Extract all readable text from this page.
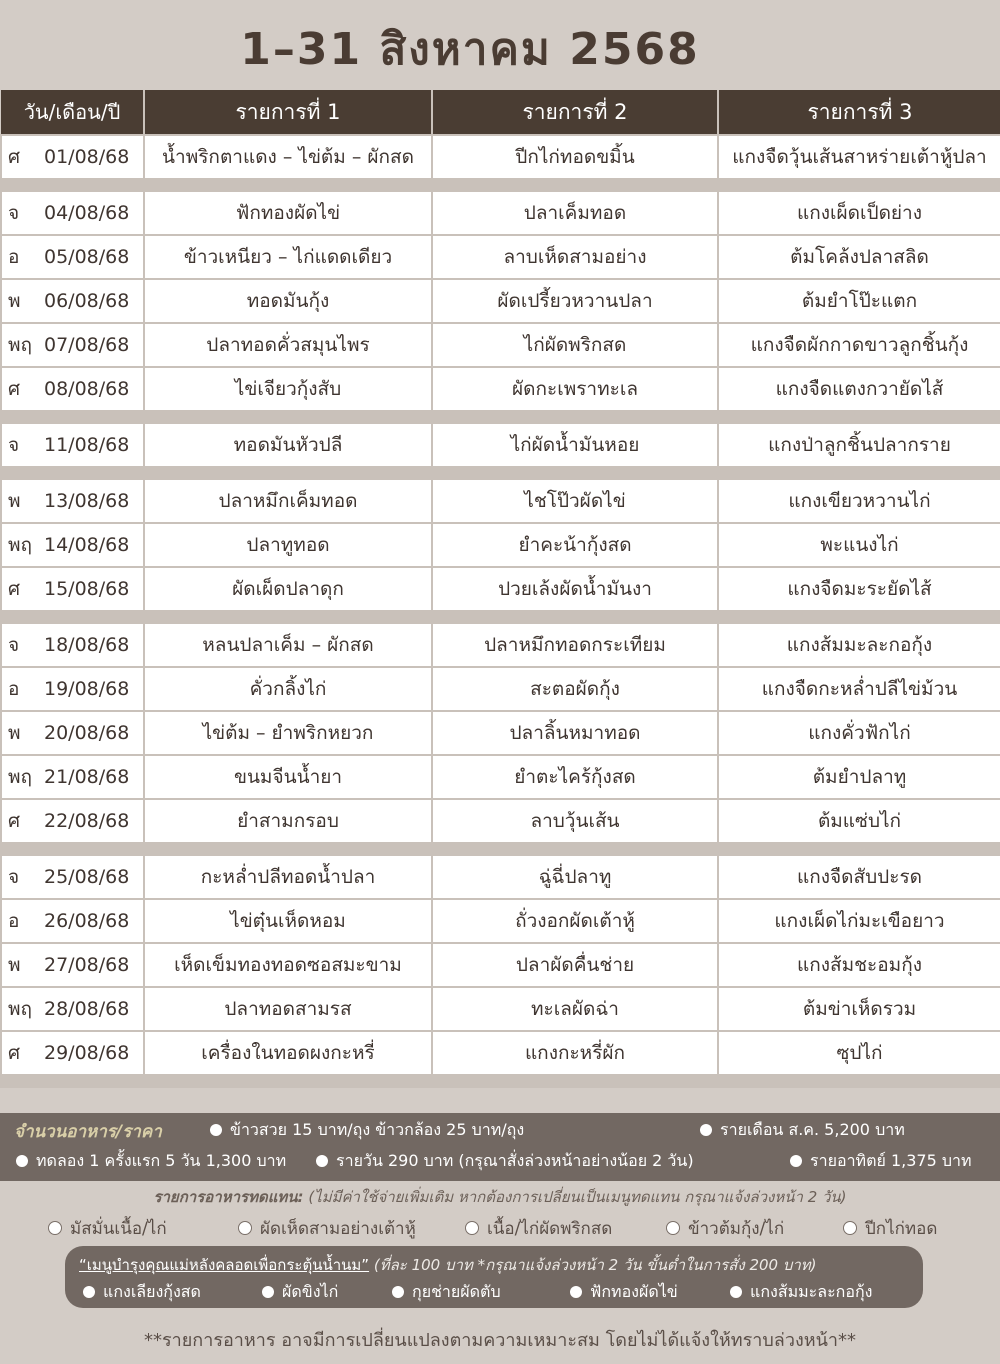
1–31 สิงหาคม 2568
วัน/เดือน/ปี	รายการที่ 1	รายการที่ 2	รายการที่ 3
ศ 01/08/68	น้ำพริกตาแดง – ไข่ต้ม – ผักสด	ปีกไก่ทอดขมิ้น	แกงจืดวุ้นเส้นสาหร่ายเต้าหู้ปลา

จ 04/08/68	ฟักทองผัดไข่	ปลาเค็มทอด	แกงเผ็ดเป็ดย่าง
อ 05/08/68	ข้าวเหนียว – ไก่แดดเดียว	ลาบเห็ดสามอย่าง	ต้มโคล้งปลาสลิด
พ 06/08/68	ทอดมันกุ้ง	ผัดเปรี้ยวหวานปลา	ต้มยำโป๊ะแตก
พฤ 07/08/68	ปลาทอดคั่วสมุนไพร	ไก่ผัดพริกสด	แกงจืดผักกาดขาวลูกชิ้นกุ้ง
ศ 08/08/68	ไข่เจียวกุ้งสับ	ผัดกะเพราทะเล	แกงจืดแตงกวายัดไส้

จ 11/08/68	ทอดมันหัวปลี	ไก่ผัดน้ำมันหอย	แกงป่าลูกชิ้นปลากราย

พ 13/08/68	ปลาหมึกเค็มทอด	ไชโป๊วผัดไข่	แกงเขียวหวานไก่
พฤ 14/08/68	ปลาทูทอด	ยำคะน้ากุ้งสด	พะแนงไก่
ศ 15/08/68	ผัดเผ็ดปลาดุก	ปวยเล้งผัดน้ำมันงา	แกงจืดมะระยัดไส้

จ 18/08/68	หลนปลาเค็ม – ผักสด	ปลาหมึกทอดกระเทียม	แกงส้มมะละกอกุ้ง
อ 19/08/68	คั่วกลิ้งไก่	สะตอผัดกุ้ง	แกงจืดกะหล่ำปลีไข่ม้วน
พ 20/08/68	ไข่ต้ม – ยำพริกหยวก	ปลาลิ้นหมาทอด	แกงคั่วฟักไก่
พฤ 21/08/68	ขนมจีนน้ำยา	ยำตะไคร้กุ้งสด	ต้มยำปลาทู
ศ 22/08/68	ยำสามกรอบ	ลาบวุ้นเส้น	ต้มแซ่บไก่

จ 25/08/68	กะหล่ำปลีทอดน้ำปลา	ฉู่ฉี่ปลาทู	แกงจืดสับปะรด
อ 26/08/68	ไข่ตุ๋นเห็ดหอม	ถั่วงอกผัดเต้าหู้	แกงเผ็ดไก่มะเขือยาว
พ 27/08/68	เห็ดเข็มทองทอดซอสมะขาม	ปลาผัดคื่นช่าย	แกงส้มชะอมกุ้ง
พฤ 28/08/68	ปลาทอดสามรส	ทะเลผัดฉ่า	ต้มข่าเห็ดรวม
ศ 29/08/68	เครื่องในทอดผงกะหรี่	แกงกะหรี่ผัก	ซุปไก่

จำนวนอาหาร/ราคา	ข้าวสวย 15 บาท/ถุง ข้าวกล้อง 25 บาท/ถุง	รายเดือน ส.ค. 5,200 บาท
ทดลอง 1 ครั้งแรก 5 วัน 1,300 บาท	รายวัน 290 บาท (กรุณาสั่งล่วงหน้าอย่างน้อย 2 วัน)	รายอาทิตย์ 1,375 บาท
รายการอาหารทดแทน: (ไม่มีค่าใช้จ่ายเพิ่มเติม หากต้องการเปลี่ยนเป็นเมนูทดแทน กรุณาแจ้งล่วงหน้า 2 วัน)
มัสมั่นเนื้อ/ไก่	ผัดเห็ดสามอย่างเต้าหู้	เนื้อ/ไก่ผัดพริกสด	ข้าวต้มกุ้ง/ไก่	ปีกไก่ทอด
“เมนูบำรุงคุณแม่หลังคลอดเพื่อกระตุ้นน้ำนม” (ที่ละ 100 บาท *กรุณาแจ้งล่วงหน้า 2 วัน ขั้นต่ำในการสั่ง 200 บาท)
แกงเลียงกุ้งสด	ผัดขิงไก่	กุยช่ายผัดตับ	ฟักทองผัดไข่	แกงส้มมะละกอกุ้ง
**รายการอาหาร อาจมีการเปลี่ยนแปลงตามความเหมาะสม โดยไม่ได้แจ้งให้ทราบล่วงหน้า**
